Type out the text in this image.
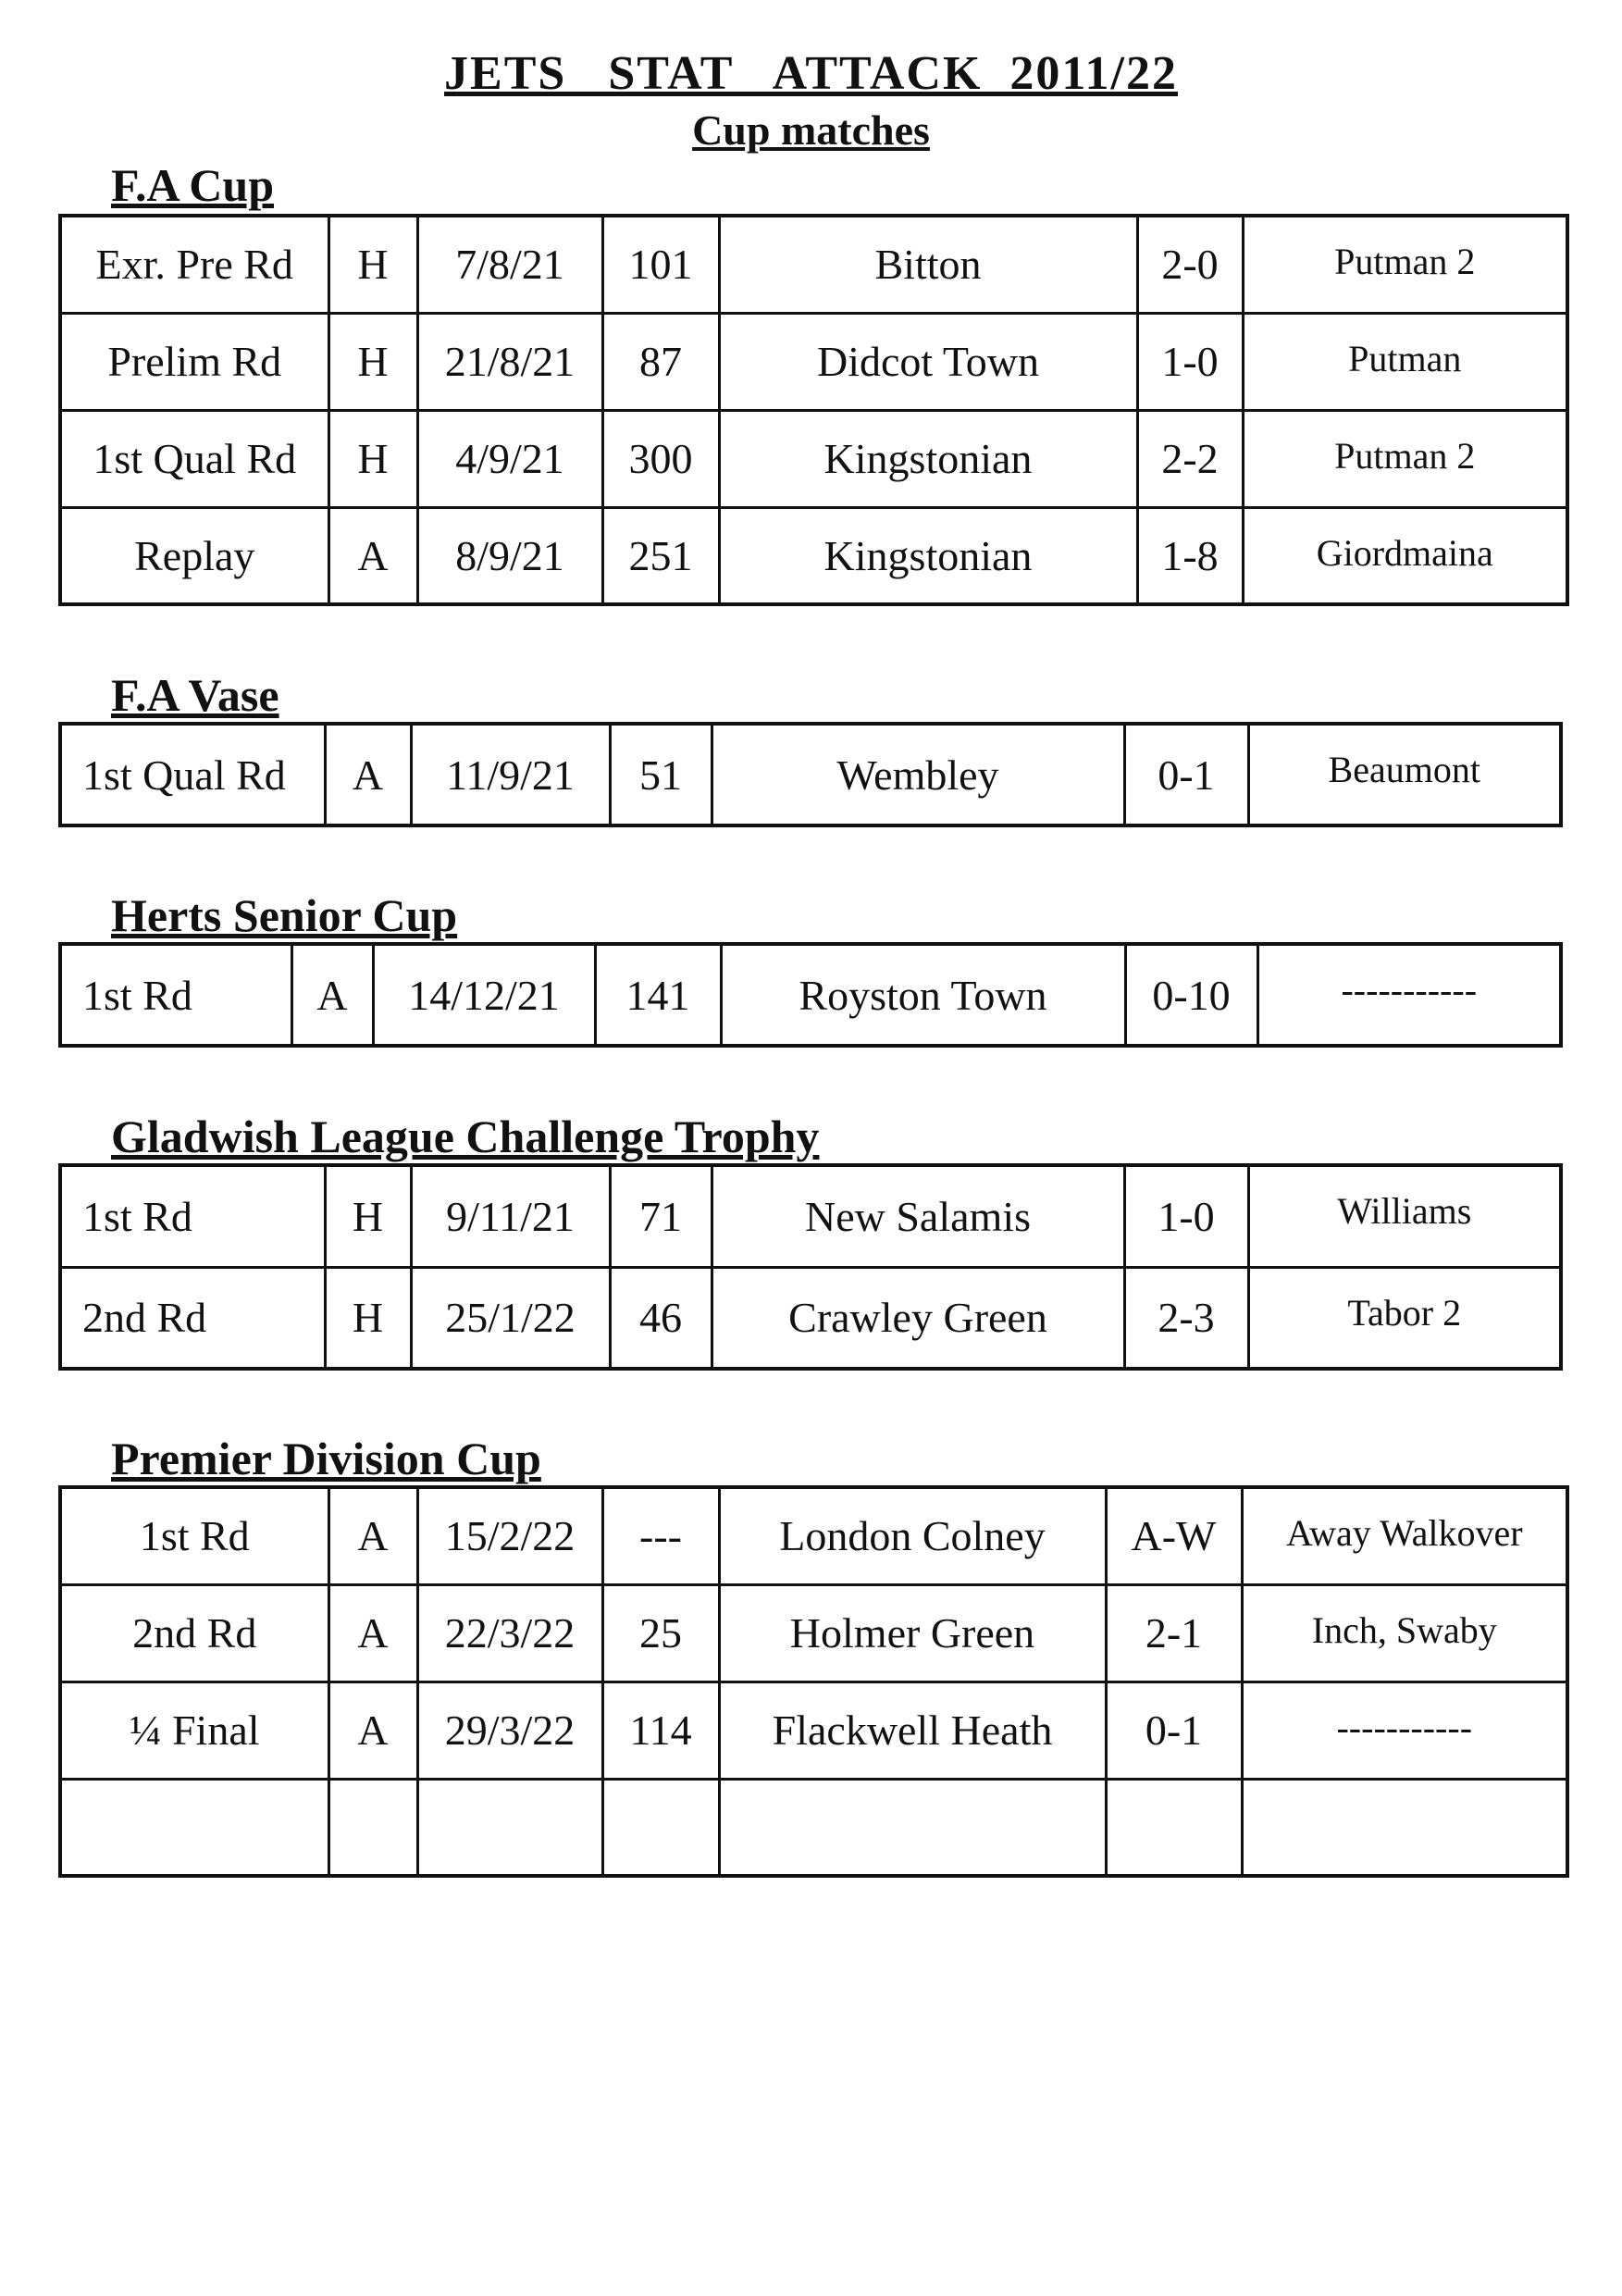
JETS   STAT   ATTACK  2011/22
Cup matches
F.A Cup
Exr. Pre Rd	H	7/8/21	101	Bitton	2-0	Putman 2
Prelim Rd	H	21/8/21	87	Didcot Town	1-0	Putman
1st Qual Rd	H	4/9/21	300	Kingstonian	2-2	Putman 2
Replay	A	8/9/21	251	Kingstonian	1-8	Giordmaina
F.A Vase
1st Qual Rd	A	11/9/21	51	Wembley	0-1	Beaumont
Herts Senior Cup
1st Rd	A	14/12/21	141	Royston Town	0-10	-----------
Gladwish League Challenge Trophy
1st Rd	H	9/11/21	71	New Salamis	1-0	Williams
2nd Rd	H	25/1/22	46	Crawley Green	2-3	Tabor 2
Premier Division Cup
1st Rd	A	15/2/22	---	London Colney	A-W	Away Walkover
2nd Rd	A	22/3/22	25	Holmer Green	2-1	Inch, Swaby
¼ Final	A	29/3/22	114	Flackwell Heath	0-1	-----------
